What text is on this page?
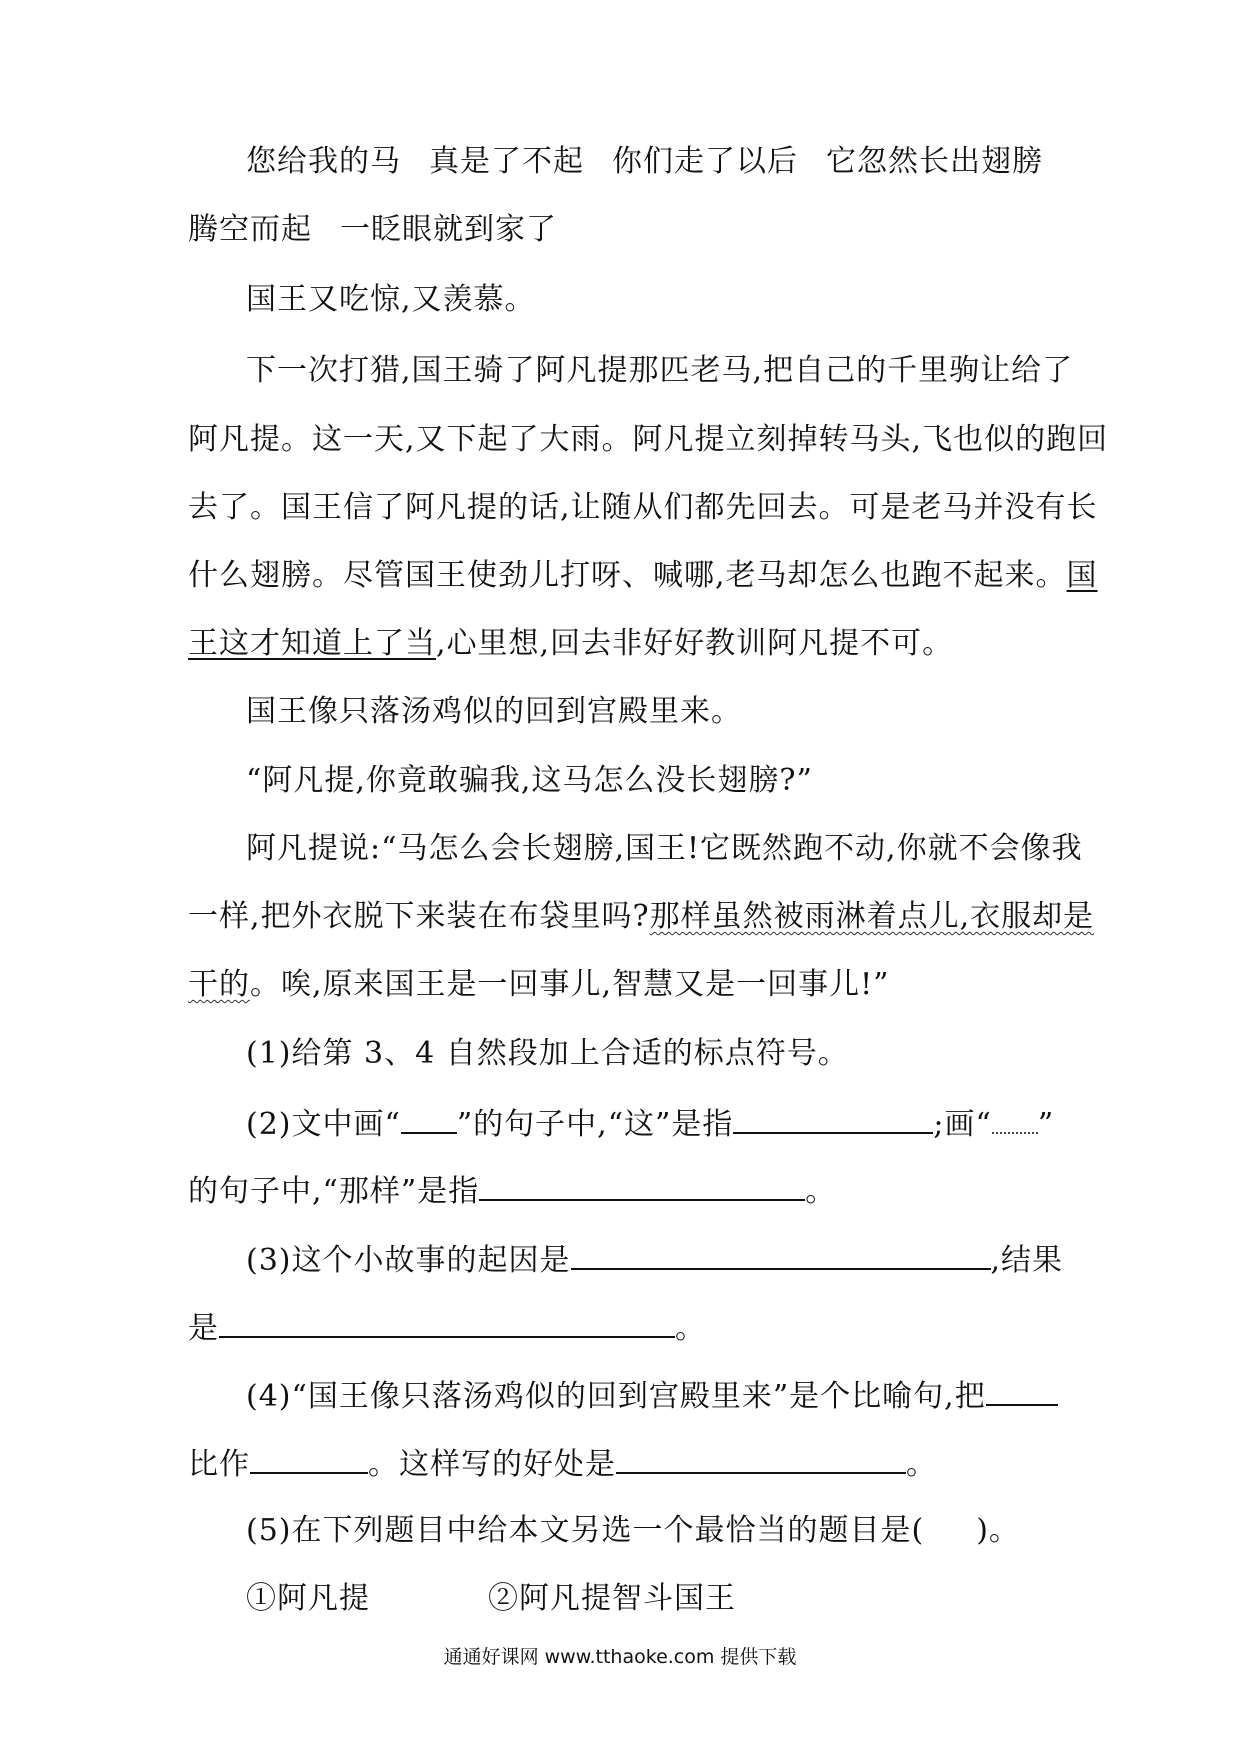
您给我的马 真是了不起 你们走了以后 它忽然长出翅膀
腾空而起 一眨眼就到家了
国王又吃惊,又羡慕。
下一次打猎,国王骑了阿凡提那匹老马,把自己的千里驹让给了
阿凡提。这一天,又下起了大雨。阿凡提立刻掉转马头,飞也似的跑回
去了。国王信了阿凡提的话,让随从们都先回去。可是老马并没有长
什么翅膀。尽管国王使劲儿打呀、喊哪,老马却怎么也跑不起来。国
王这才知道上了当,心里想,回去非好好教训阿凡提不可。
国王像只落汤鸡似的回到宫殿里来。
“阿凡提,你竟敢骗我,这马怎么没长翅膀?”
阿凡提说:“马怎么会长翅膀,国王!它既然跑不动,你就不会像我
一样,把外衣脱下来装在布袋里吗?那样虽然被雨淋着点儿,衣服却是
干的。唉,原来国王是一回事儿,智慧又是一回事儿!”
(1)给第 3、4 自然段加上合适的标点符号。
(2)文中画“ ”的句子中,“这”是指	;画“ ”
的句子中,“那样”是指	。
(3)这个小故事的起因是	,结果
是	。
(4)“国王像只落汤鸡似的回到宫殿里来”是个比喻句,把
比作	。这样写的好处是	。
(5)在下列题目中给本文另选一个最恰当的题目是( )。
①阿凡提	②阿凡提智斗国王
通通好课网 www.tthaoke.com 提供下载
